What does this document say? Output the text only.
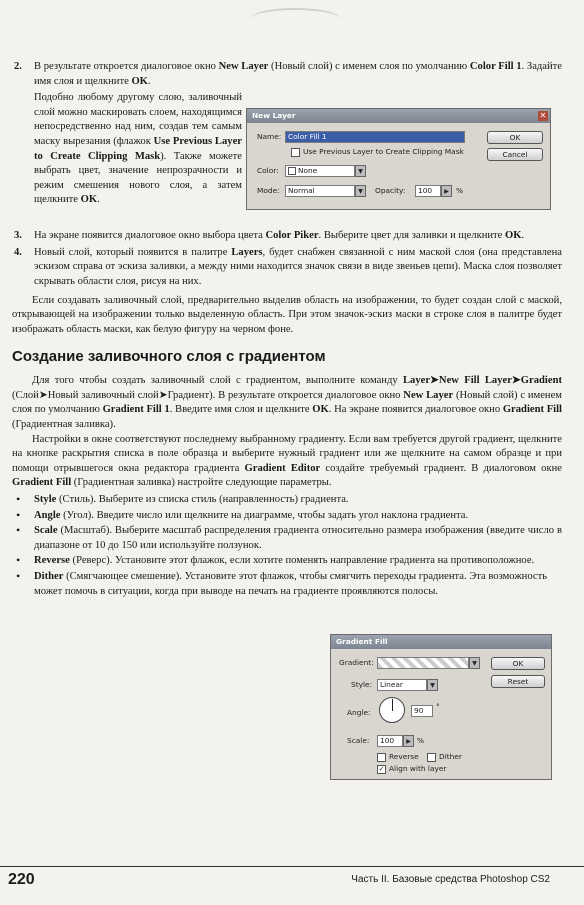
2.	В результате откроется диалоговое окно New Layer (Новый слой) с именем слоя по умолчанию Color Fill 1. Задайте имя слоя и щелкните OK.

Подобно любому другому слою, заливочный слой можно маскировать слоем, находящимся непосредственно над ним, создав тем самым маску вырезания (флажок Use Previous Layer to Create Clipping Mask). Также можете выбрать цвет, значение непрозрачности и режим смешения нового слоя, а затем щелкните OK.

3.	На экране появится диалоговое окно выбора цвета Color Piker. Выберите цвет для заливки и щелкните OK.
4.	Новый слой, который появится в палитре Layers, будет снабжен связанной с ним маской слоя (она представлена эскизом справа от эскиза заливки, а между ними находится значок связи в виде звеньев цепи). Маска слоя позволяет скрывать области слоя, рисуя на них.

Если создавать заливочный слой, предварительно выделив область на изображении, то будет создан слой с маской, открывающей на изображении только выделенную область. При этом значок-эскиз маски в строке слоя в палитре будет изображать область маски, как белую фигуру на черном фоне.

Создание заливочного слоя с градиентом

Для того чтобы создать заливочный слой с градиентом, выполните команду Layer➤New Fill Layer➤Gradient (Слой➤Новый заливочный слой➤Градиент). В результате откроется диалоговое окно New Layer (Новый слой) с именем слоя по умолчанию Gradient Fill 1. Введите имя слоя и щелкните OK. На экране появится диалоговое окно Gradient Fill (Градиентная заливка).

Настройки в окне соответствуют последнему выбранному градиенту. Если вам требуется другой градиент, щелкните на кнопке раскрытия списка в поле образца и выберите нужный градиент или же щелкните на самом образце и при помощи отрывшегося окна редактора градиента Gradient Editor создайте требуемый градиент. В диалоговом окне Gradient Fill (Градиентная заливка) настройте следующие параметры.

•	Style (Стиль). Выберите из списка стиль (направленность) градиента.
•	Angle (Угол). Введите число или щелкните на диаграмме, чтобы задать угол наклона градиента.
•	Scale (Масштаб). Выберите масштаб распределения градиента относительно размера изображения (введите число в диапазоне от 10 до 150 или используйте ползунок.
•	Reverse (Реверс). Установите этот флажок, если хотите поменять направление градиента на противоположное.
•	Dither (Смягчающее смешение). Установите этот флажок, чтобы смягчить переходы градиента. Эта возможность может помочь в ситуации, когда при выводе на печать на градиенте проявляются полосы.
New Layer	✕
Name: Color Fill 1	OK
Use Previous Layer to Create Clipping Mask	Cancel
Color:	None	▼
Mode:	Normal	▼	Opacity:	100	▶ %
Gradient Fill
Gradient:	▼	OK
Reset
Style:	Linear	▼
Angle:	90	°
Scale:	100	▶ %
Reverse	Dither
✓ Align with layer
220	Часть II. Базовые средства Photoshop CS2
